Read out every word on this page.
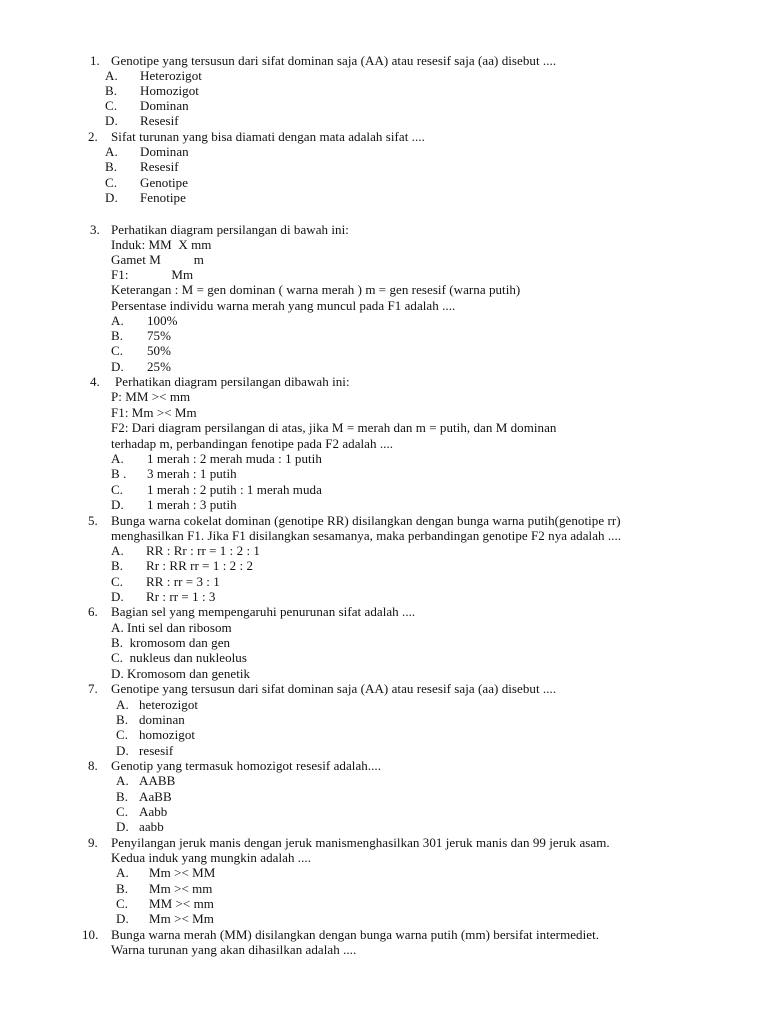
1. Genotipe yang tersusun dari sifat dominan saja (AA) atau resesif saja (aa) disebut ....
A. Heterozigot
B. Homozigot
C. Dominan
D. Resesif
2. Sifat turunan yang bisa diamati dengan mata adalah sifat ....
A. Dominan
B. Resesif
C. Genotipe
D. Fenotipe
3. Perhatikan diagram persilangan di bawah ini:
Induk: MM  X mm
Gamet M          m
F1:             Mm
Keterangan : M = gen dominan ( warna merah ) m = gen resesif (warna putih)
Persentase individu warna merah yang muncul pada F1 adalah ....
A. 100%
B. 75%
C. 50%
D. 25%
4. Perhatikan diagram persilangan dibawah ini:
P: MM >< mm
F1: Mm >< Mm
F2: Dari diagram persilangan di atas, jika M = merah dan m = putih, dan M dominan
terhadap m, perbandingan fenotipe pada F2 adalah ....
A. 1 merah : 2 merah muda : 1 putih
B . 3 merah : 1 putih
C. 1 merah : 2 putih : 1 merah muda
D. 1 merah : 3 putih
5. Bunga warna cokelat dominan (genotipe RR) disilangkan dengan bunga warna putih(genotipe rr)
menghasilkan F1. Jika F1 disilangkan sesamanya, maka perbandingan genotipe F2 nya adalah ....
A. RR : Rr : rr = 1 : 2 : 1
B. Rr : RR rr = 1 : 2 : 2
C. RR : rr = 3 : 1
D. Rr : rr = 1 : 3
6. Bagian sel yang mempengaruhi penurunan sifat adalah ....
A. Inti sel dan ribosom
B.  kromosom dan gen
C.  nukleus dan nukleolus
D. Kromosom dan genetik
7. Genotipe yang tersusun dari sifat dominan saja (AA) atau resesif saja (aa) disebut ....
A. heterozigot
B. dominan
C. homozigot
D. resesif
8. Genotip yang termasuk homozigot resesif adalah....
A. AABB
B. AaBB
C. Aabb
D. aabb
9. Penyilangan jeruk manis dengan jeruk manismenghasilkan 301 jeruk manis dan 99 jeruk asam.
Kedua induk yang mungkin adalah ....
A. Mm >< MM
B. Mm >< mm
C. MM >< mm
D. Mm >< Mm
10. Bunga warna merah (MM) disilangkan dengan bunga warna putih (mm) bersifat intermediet.
Warna turunan yang akan dihasilkan adalah ....
